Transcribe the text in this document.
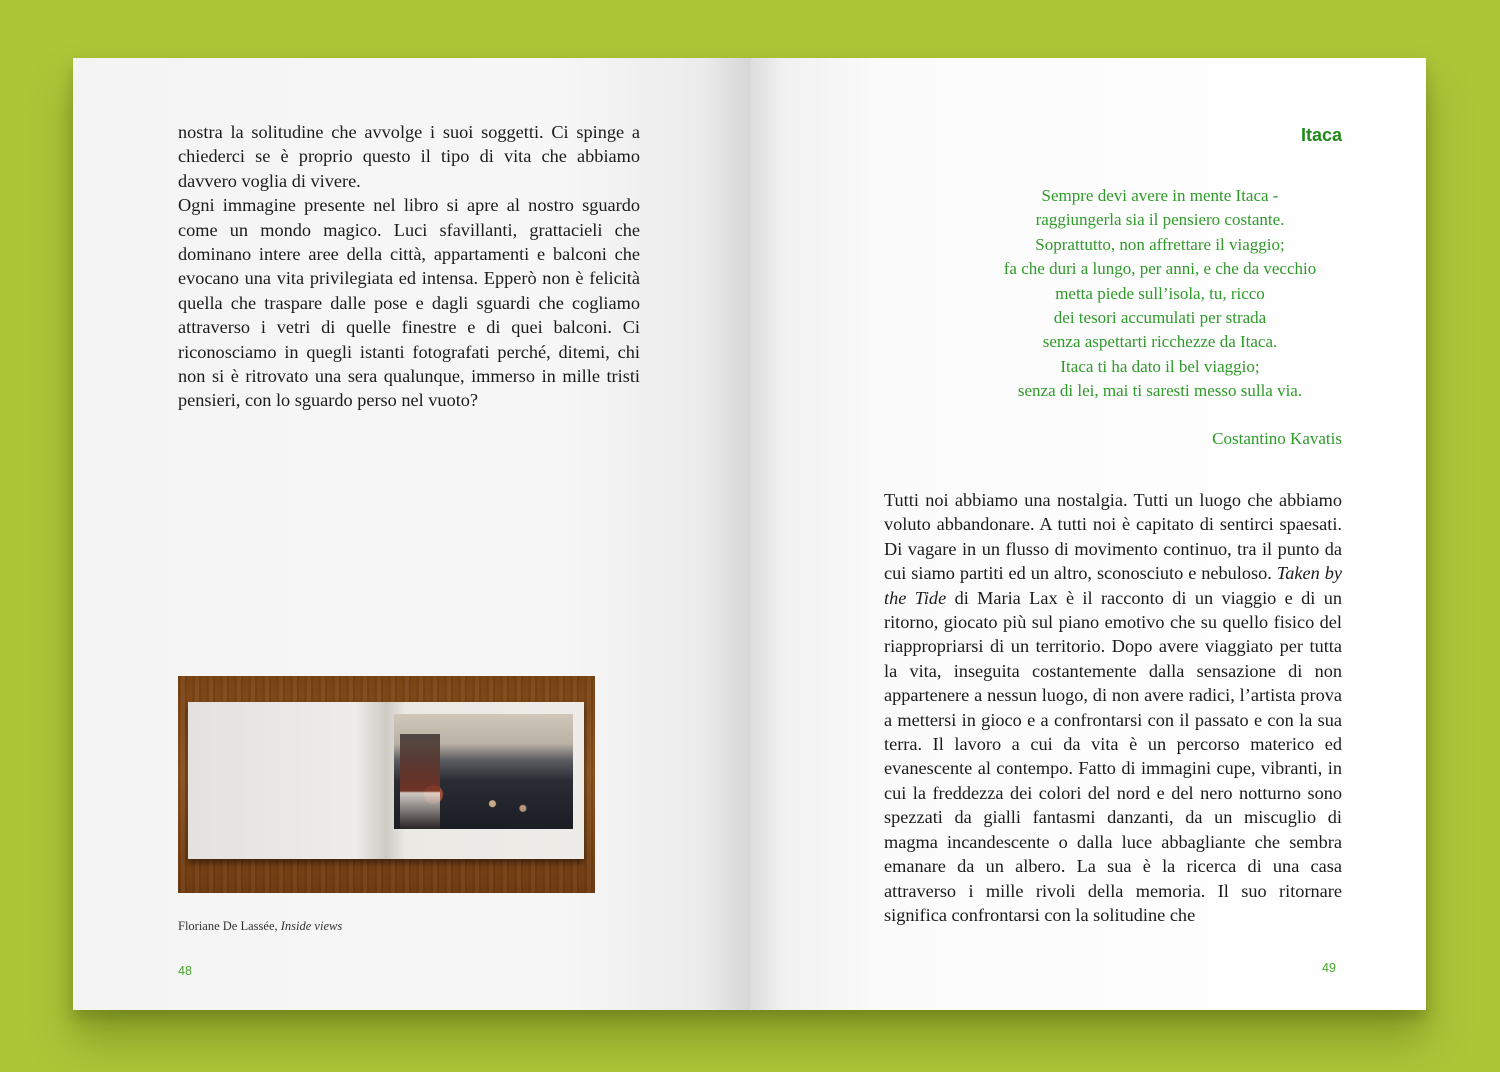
nostra la solitudine che avvolge i suoi soggetti. Ci spinge a chiederci se è proprio questo il tipo di vita che abbiamo davvero voglia di vivere.
Ogni immagine presente nel libro si apre al nostro sguardo come un mondo magico. Luci sfavillanti, grattacieli che dominano intere aree della città, appartamenti e balconi che evocano una vita privilegiata ed intensa. Epperò non è felicità quella che traspare dalle pose e dagli sguardi che cogliamo attraverso i vetri di quelle finestre e di quei balconi. Ci riconosciamo in quegli istanti fotografati perché, ditemi, chi non si è ritrovato una sera qualunque, immerso in mille tristi pensieri, con lo sguardo perso nel vuoto?

Floriane De Lassée, Inside views

48

Itaca
Sempre devi avere in mente Itaca -
raggiungerla sia il pensiero costante.
Soprattutto, non affrettare il viaggio;
fa che duri a lungo, per anni, e che da vecchio
metta piede sull’isola, tu, ricco
dei tesori accumulati per strada
senza aspettarti ricchezze da Itaca.
Itaca ti ha dato il bel viaggio;
senza di lei, mai ti saresti messo sulla via.

Costantino Kavatis

Tutti noi abbiamo una nostalgia. Tutti un luogo che abbiamo voluto abbandonare. A tutti noi è capitato di sentirci spaesati. Di vagare in un flusso di movimento continuo, tra il punto da cui siamo partiti ed un altro, sconosciuto e nebuloso. Taken by the Tide di Maria Lax è il racconto di un viaggio e di un ritorno, giocato più sul piano emotivo che su quello fisico del riappropriarsi di un territorio. Dopo avere viaggiato per tutta la vita, inseguita costantemente dalla sensazione di non appartenere a nessun luogo, di non avere radici, l’artista prova a mettersi in gioco e a confrontarsi con il passato e con la sua terra. Il lavoro a cui da vita è un percorso materico ed evanescente al contempo. Fatto di immagini cupe, vibranti, in cui la freddezza dei colori del nord e del nero notturno sono spezzati da gialli fantasmi danzanti, da un miscuglio di magma incandescente o dalla luce abbagliante che sembra emanare da un albero. La sua è la ricerca di una casa attraverso i mille rivoli della memoria. Il suo ritornare significa confrontarsi con la solitudine che

49
